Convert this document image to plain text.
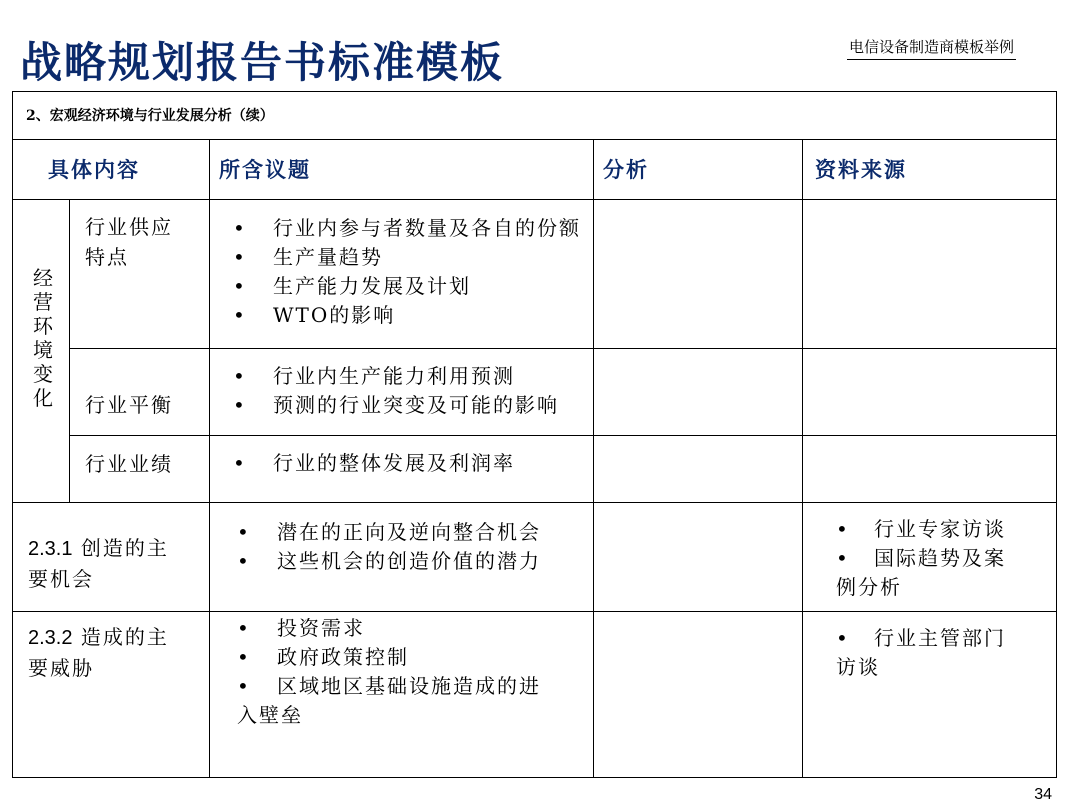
战略规划报告书标准模板	电信设备制造商模板举例
2、宏观经济环境与行业发展分析（续）
具体内容	所含议题	分析	资料来源
经
营
环
境
变
化
行业供应
特点
• 行业内参与者数量及各自的份额
• 生产量趋势
• 生产能力发展及计划
• WTO的影响
行业平衡
• 行业内生产能力利用预测
• 预测的行业突变及可能的影响
行业业绩
•	行业的整体发展及利润率
2.3.1 创造的主
要机会
• 潜在的正向及逆向整合机会
• 这些机会的创造价值的潜力
• 行业专家访谈
• 国际趋势及案
例分析
2.3.2 造成的主
要威胁
• 投资需求
• 政府政策控制
• 区域地区基础设施造成的进
入壁垒
• 行业主管部门
访谈
34
